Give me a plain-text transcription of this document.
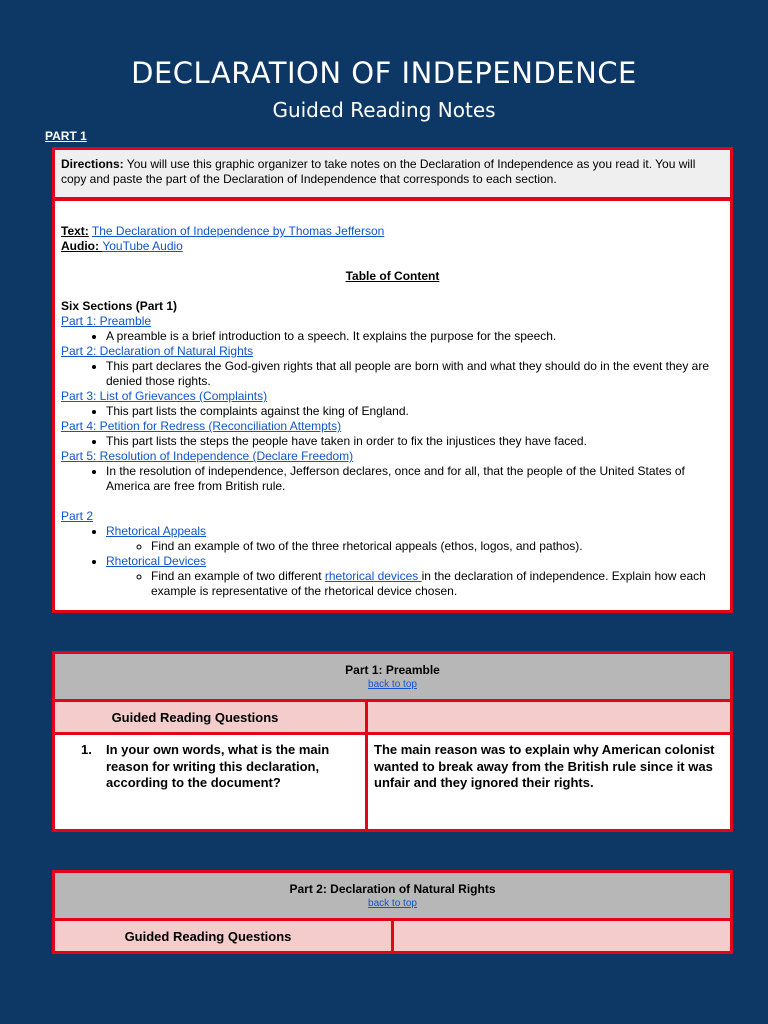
DECLARATION OF INDEPENDENCE
Guided Reading Notes
PART 1
Directions: You will use this graphic organizer to take notes on the Declaration of Independence as you read it. You will copy and paste the part of the Declaration of Independence that corresponds to each section.
Text: The Declaration of Independence by Thomas Jefferson
Audio: YouTube Audio
Table of Content
Six Sections (Part 1)
Part 1: Preamble
• A preamble is a brief introduction to a speech. It explains the purpose for the speech.
Part 2: Declaration of Natural Rights
• This part declares the God-given rights that all people are born with and what they should do in the event they are denied those rights.
Part 3: List of Grievances (Complaints)
• This part lists the complaints against the king of England.
Part 4: Petition for Redress (Reconciliation Attempts)
• This part lists the steps the people have taken in order to fix the injustices they have faced.
Part 5: Resolution of Independence (Declare Freedom)
• In the resolution of independence, Jefferson declares, once and for all, that the people of the United States of America are free from British rule.
Part 2
• Rhetorical Appeals
◦ Find an example of two of the three rhetorical appeals (ethos, logos, and pathos).
• Rhetorical Devices
◦ Find an example of two different rhetorical devices in the declaration of independence. Explain how each example is representative of the rhetorical device chosen.
Part 1: Preamble
back to top
Guided Reading Questions
1.	In your own words, what is the main reason for writing this declaration, according to the document?
The main reason was to explain why American colonist wanted to break away from the British rule since it was unfair and they ignored their rights.
Part 2: Declaration of Natural Rights
back to top
Guided Reading Questions
